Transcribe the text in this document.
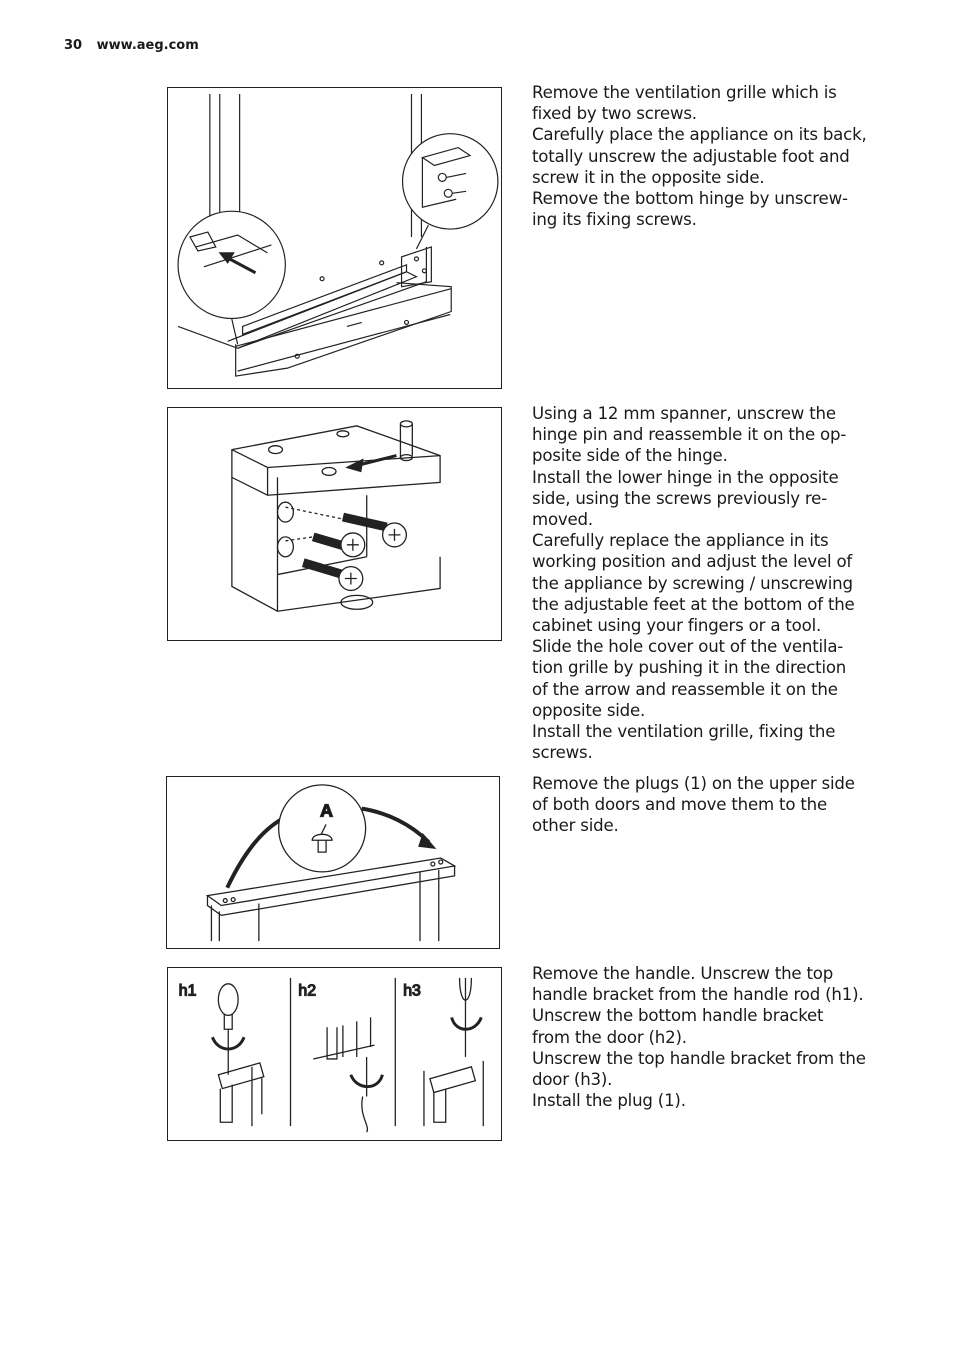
30 www.aeg.com
Remove the ventilation grille which is
fixed by two screws.
Carefully place the appliance on its back,
totally unscrew the adjustable foot and
screw it in the opposite side.
Remove the bottom hinge by unscrew-
ing its fixing screws.
Using a 12 mm spanner, unscrew the
hinge pin and reassemble it on the op-
posite side of the hinge.
Install the lower hinge in the opposite
side, using the screws previously re-
moved.
Carefully replace the appliance in its
working position and adjust the level of
the appliance by screwing / unscrewing
the adjustable feet at the bottom of the
cabinet using your fingers or a tool.
Slide the hole cover out of the ventila-
tion grille by pushing it in the direction
of the arrow and reassemble it on the
opposite side.
Install the ventilation grille, fixing the
screws.
A
Remove the plugs (1) on the upper side
of both doors and move them to the
other side.
h1	h2	h3
Remove the handle. Unscrew the top
handle bracket from the handle rod (h1).
Unscrew the bottom handle bracket
from the door (h2).
Unscrew the top handle bracket from the
door (h3).
Install the plug (1).
